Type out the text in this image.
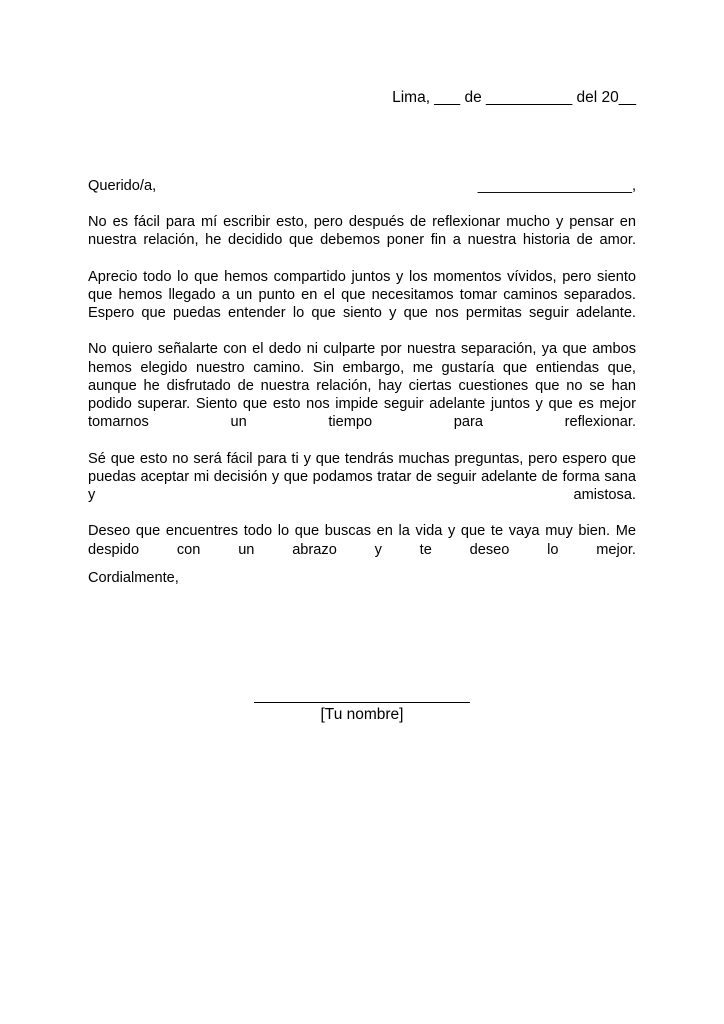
Lima, ___ de __________ del 20__
Querido/a,	___________________,

No es fácil para mí escribir esto, pero después de reflexionar mucho y pensar en nuestra relación, he decidido que debemos poner fin a nuestra historia de amor.

Aprecio todo lo que hemos compartido juntos y los momentos vívidos, pero siento que hemos llegado a un punto en el que necesitamos tomar caminos separados. Espero que puedas entender lo que siento y que nos permitas seguir adelante.

No quiero señalarte con el dedo ni culparte por nuestra separación, ya que ambos hemos elegido nuestro camino. Sin embargo, me gustaría que entiendas que, aunque he disfrutado de nuestra relación, hay ciertas cuestiones que no se han podido superar. Siento que esto nos impide seguir adelante juntos y que es mejor tomarnos un tiempo para reflexionar.

Sé que esto no será fácil para ti y que tendrás muchas preguntas, pero espero que puedas aceptar mi decisión y que podamos tratar de seguir adelante de forma sana y amistosa.

Deseo que encuentres todo lo que buscas en la vida y que te vaya muy bien. Me despido con un abrazo y te deseo lo mejor.

Cordialmente,
_________________________
[Tu nombre]
